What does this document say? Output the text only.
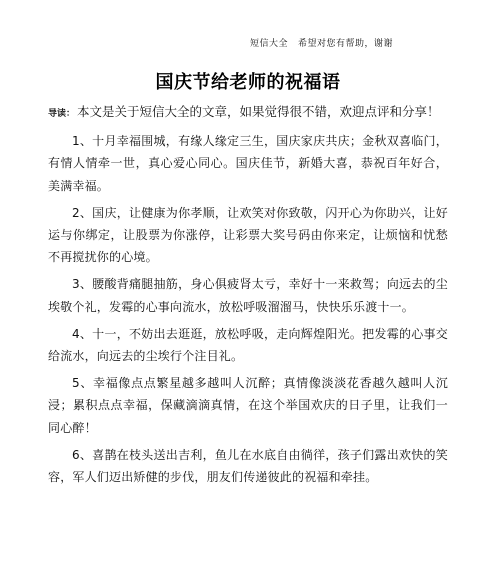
短信大全 希望对您有帮助，谢谢
国庆节给老师的祝福语

导读： 本文是关于短信大全的文章，如果觉得很不错，欢迎点评和分享！

1、十月幸福围城，有缘人缘定三生，国庆家庆共庆；金秋双喜临门，有情人情牵一世，真心爱心同心。国庆佳节，新婚大喜，恭祝百年好合，美满幸福。

2、国庆，让健康为你孝顺，让欢笑对你致敬，闪开心为你助兴，让好运与你绑定，让股票为你涨停，让彩票大奖号码由你来定，让烦恼和忧愁不再搅扰你的心境。

3、腰酸背痛腿抽筋，身心俱疲肾太亏，幸好十一来救驾；向远去的尘埃敬个礼，发霉的心事向流水，放松呼吸溜溜马，快快乐乐渡十一。

4、十一，不妨出去逛逛，放松呼吸，走向辉煌阳光。把发霉的心事交给流水，向远去的尘埃行个注目礼。

5、幸福像点点繁星越多越叫人沉醉；真情像淡淡花香越久越叫人沉浸；累积点点幸福，保藏滴滴真情，在这个举国欢庆的日子里，让我们一同心醉！

6、喜鹊在枝头送出吉利，鱼儿在水底自由徜徉，孩子们露出欢快的笑容，军人们迈出矫健的步伐，朋友们传递彼此的祝福和牵挂。
